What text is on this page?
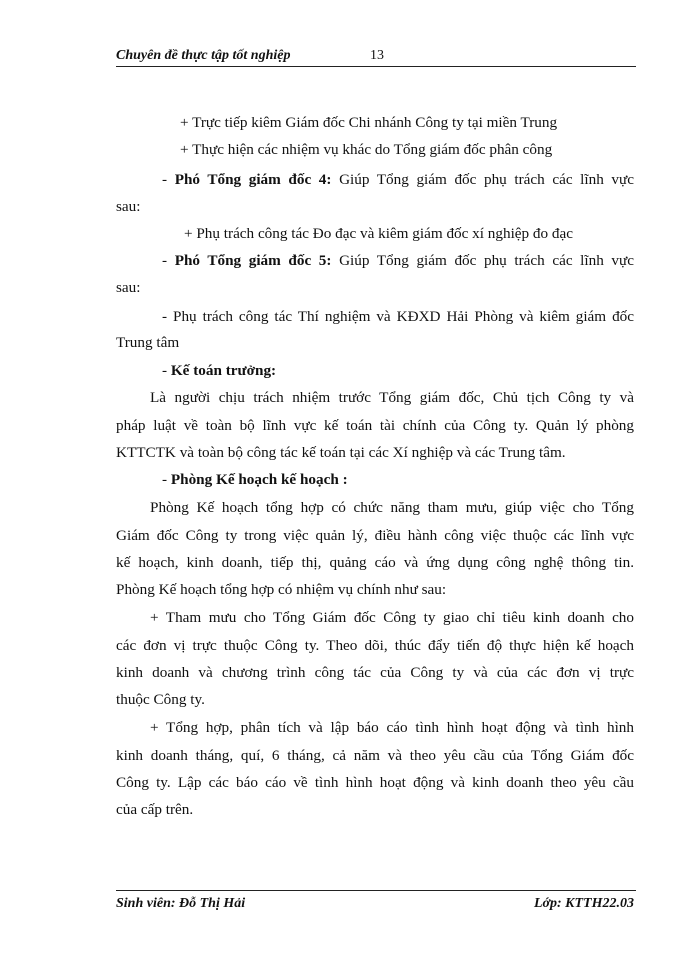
Chuyên đề thực tập tốt nghiệp	13
+ Trực tiếp kiêm Giám đốc Chi nhánh Công ty tại miền Trung
+ Thực hiện các nhiệm vụ khác do Tổng giám đốc phân công
- Phó Tổng giám đốc 4: Giúp Tổng giám đốc phụ trách các lĩnh vực
sau:
+ Phụ trách công tác Đo đạc và kiêm giám đốc xí nghiệp đo đạc
- Phó Tổng giám đốc 5: Giúp Tổng giám đốc phụ trách các lĩnh vực
sau:
- Phụ trách công tác Thí nghiệm và KĐXD Hải Phòng và kiêm giám đốc
Trung tâm
- Kế toán trưởng:
Là người chịu trách nhiệm trước Tổng giám đốc, Chủ tịch Công ty và
pháp luật về toàn bộ lĩnh vực kế toán tài chính của Công ty. Quản lý phòng
KTTCTK và toàn bộ công tác kế toán tại các Xí nghiệp và các Trung tâm.
- Phòng Kế hoạch kế hoạch :
Phòng Kế hoạch tổng hợp có chức năng tham mưu, giúp việc cho Tổng
Giám đốc Công ty trong việc quản lý, điều hành công việc thuộc các lĩnh vực
kế hoạch, kinh doanh, tiếp thị, quảng cáo và ứng dụng công nghệ thông tin.
Phòng Kế hoạch tổng hợp có nhiệm vụ chính như sau:
+ Tham mưu cho Tổng Giám đốc Công ty giao chỉ tiêu kinh doanh cho
các đơn vị trực thuộc Công ty. Theo dõi, thúc đẩy tiến độ thực hiện kế hoạch
kinh doanh và chương trình công tác của Công ty và của các đơn vị trực
thuộc Công ty.
+ Tổng hợp, phân tích và lập báo cáo tình hình hoạt động và tình hình
kinh doanh tháng, quí, 6 tháng, cả năm và theo yêu cầu của Tổng Giám đốc
Công ty. Lập các báo cáo về tình hình hoạt động và kinh doanh theo yêu cầu
của cấp trên.
Sinh viên: Đỗ Thị Hải	Lớp: KTTH22.03
